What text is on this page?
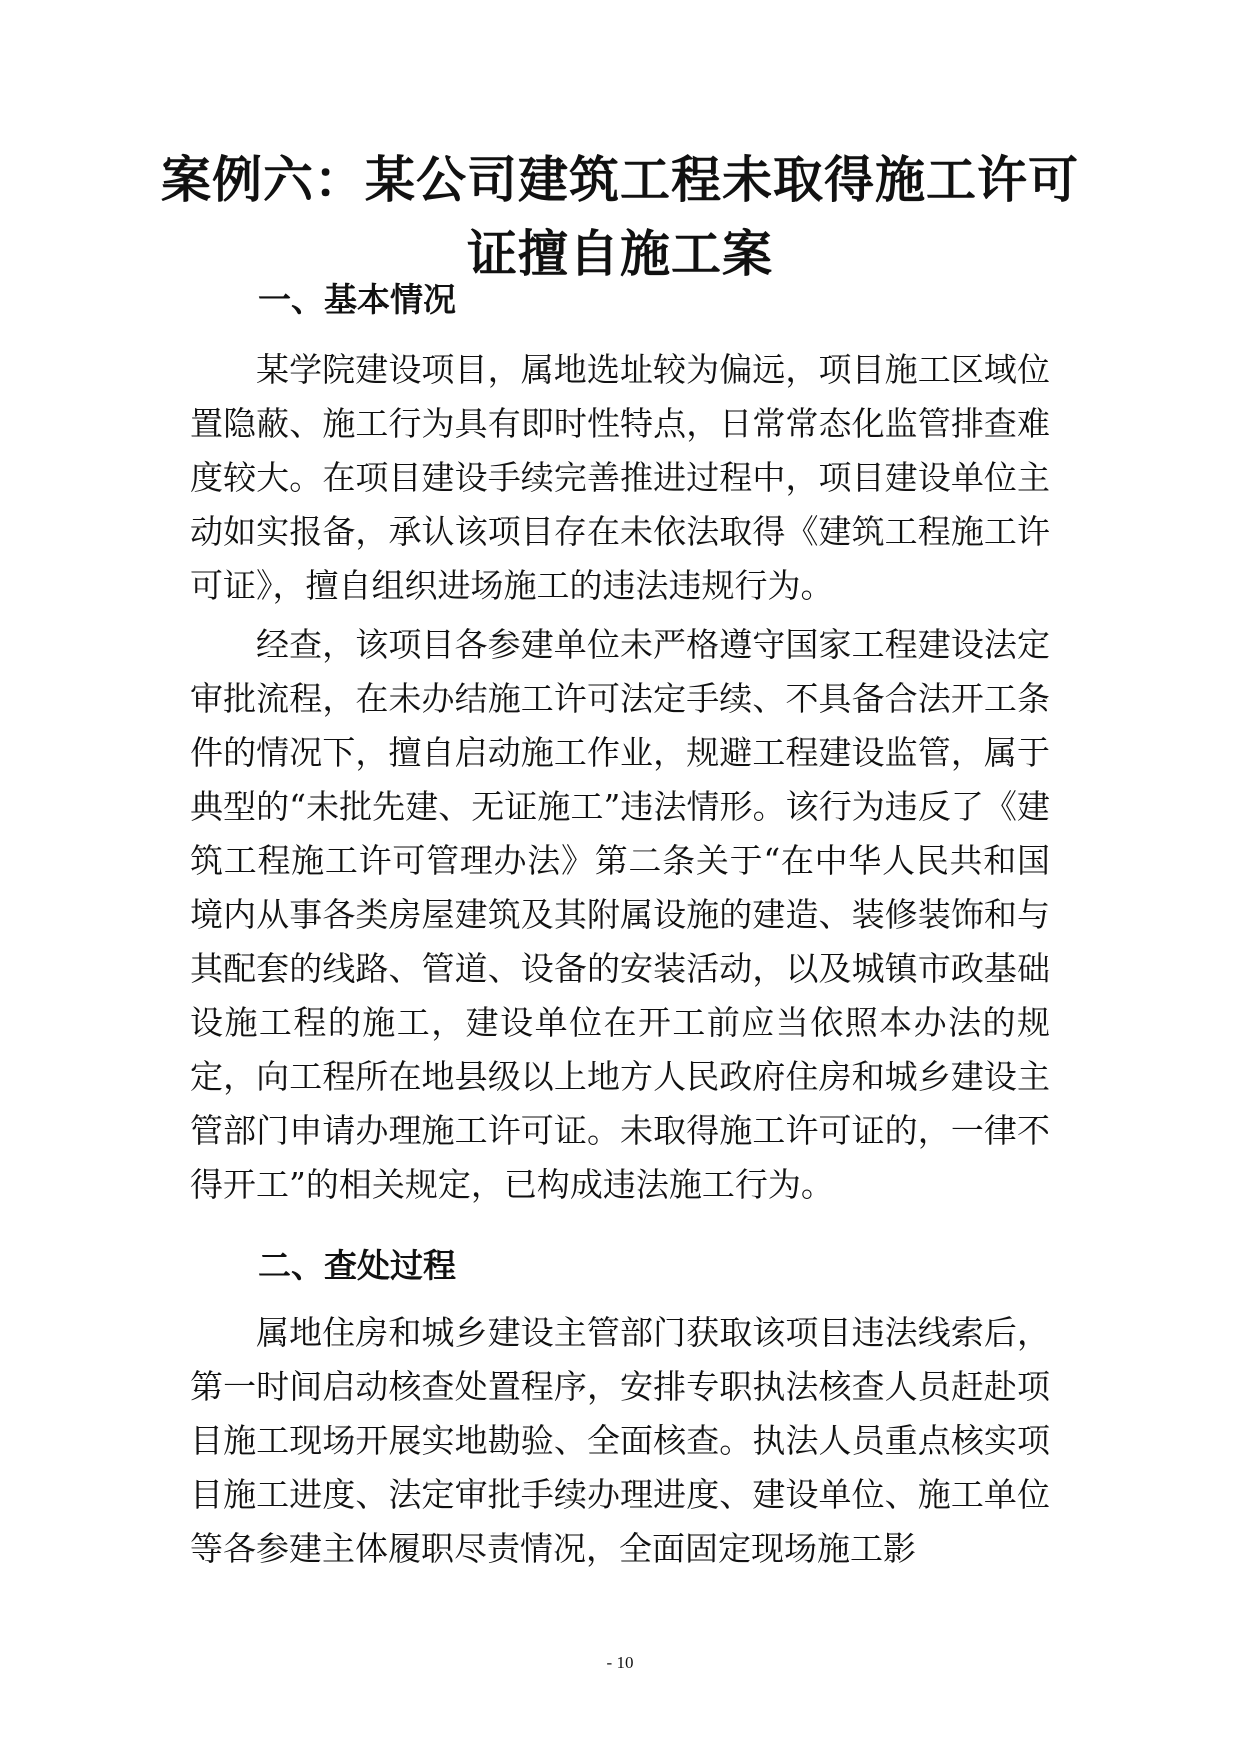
案例六：某公司建筑工程未取得施工许可
证擅自施工案
一、基本情况

某学院建设项目，属地选址较为偏远，项目施工区域位置隐蔽、施工行为具有即时性特点，日常常态化监管排查难度较大。在项目建设手续完善推进过程中，项目建设单位主动如实报备，承认该项目存在未依法取得《建筑工程施工许可证》，擅自组织进场施工的违法违规行为。

经查，该项目各参建单位未严格遵守国家工程建设法定审批流程，在未办结施工许可法定手续、不具备合法开工条件的情况下，擅自启动施工作业，规避工程建设监管，属于典型的“未批先建、无证施工”违法情形。该行为违反了《建筑工程施工许可管理办法》第二条关于“在中华人民共和国境内从事各类房屋建筑及其附属设施的建造、装修装饰和与其配套的线路、管道、设备的安装活动，以及城镇市政基础设施工程的施工，建设单位在开工前应当依照本办法的规定，向工程所在地县级以上地方人民政府住房和城乡建设主管部门申请办理施工许可证。未取得施工许可证的，一律不得开工”的相关规定，已构成违法施工行为。

二、查处过程

属地住房和城乡建设主管部门获取该项目违法线索后，第一时间启动核查处置程序，安排专职执法核查人员赶赴项目施工现场开展实地勘验、全面核查。执法人员重点核实项目施工进度、法定审批手续办理进度、建设单位、施工单位等各参建主体履职尽责情况，全面固定现场施工影

- 10
